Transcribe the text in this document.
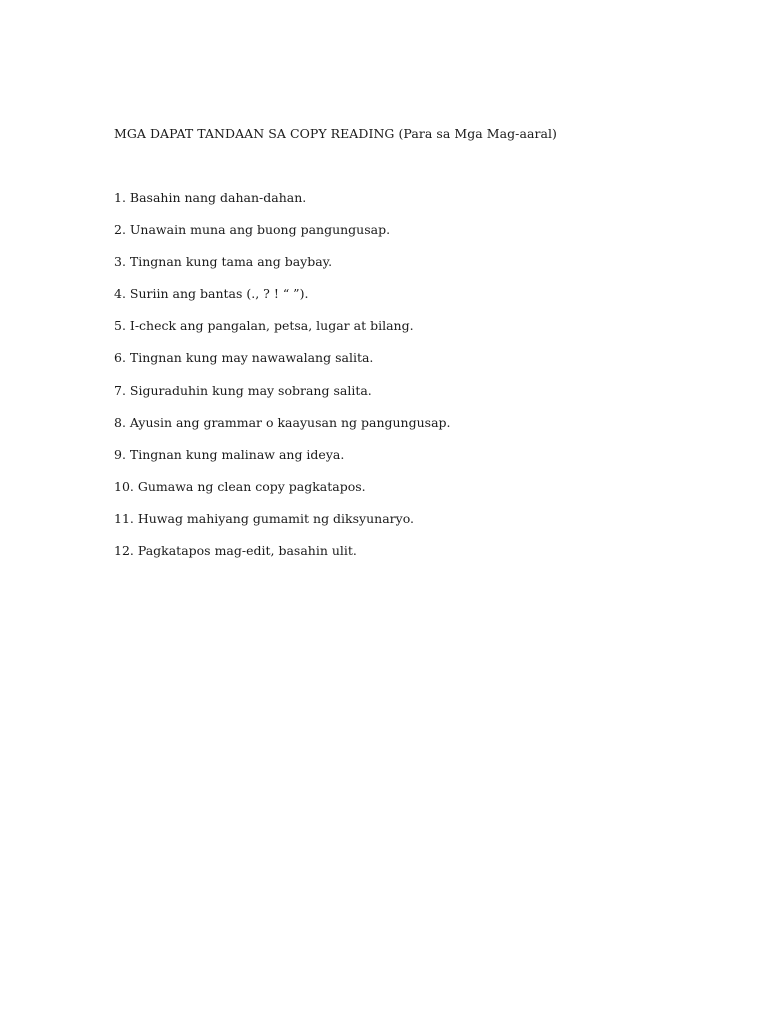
MGA DAPAT TANDAAN SA COPY READING (Para sa Mga Mag-aaral)
1. Basahin nang dahan-dahan.
2. Unawain muna ang buong pangungusap.
3. Tingnan kung tama ang baybay.
4. Suriin ang bantas (., ? ! “ ”).
5. I-check ang pangalan, petsa, lugar at bilang.
6. Tingnan kung may nawawalang salita.
7. Siguraduhin kung may sobrang salita.
8. Ayusin ang grammar o kaayusan ng pangungusap.
9. Tingnan kung malinaw ang ideya.
10. Gumawa ng clean copy pagkatapos.
11. Huwag mahiyang gumamit ng diksyunaryo.
12. Pagkatapos mag-edit, basahin ulit.
